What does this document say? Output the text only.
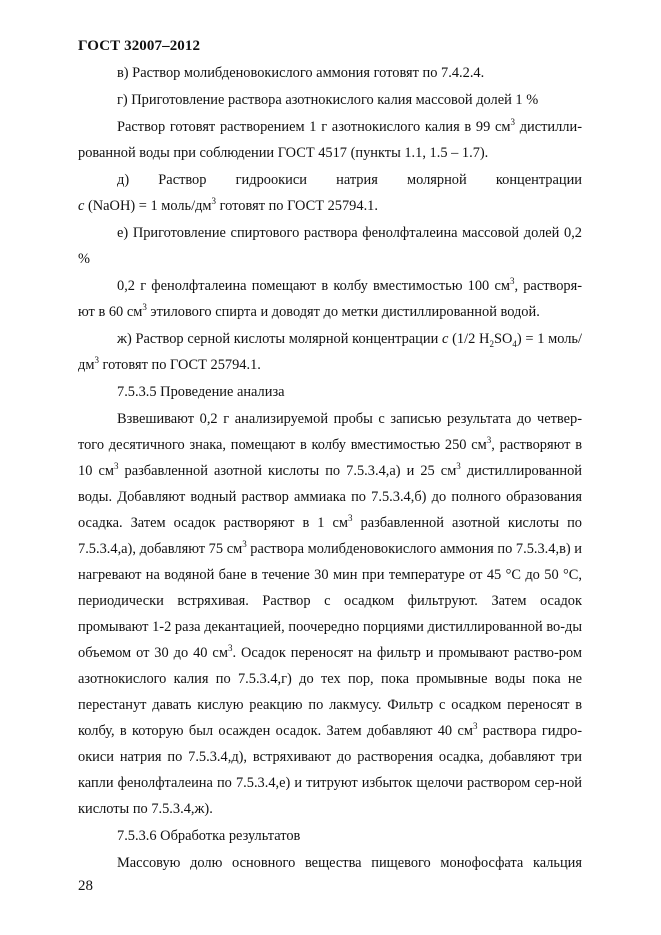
ГОСТ 32007–2012

в) Раствор молибденовокислого аммония готовят по 7.4.2.4.

г) Приготовление раствора азотнокислого калия массовой долей 1 %

Раствор готовят растворением 1 г азотнокислого калия в 99 $см^3$ дистилли-рованной воды при соблюдении ГОСТ 4517 (пункты 1.1, 1.5 – 1.7).

д) Раствор гидроокиси натрия молярной концентрации

c (NaOH) = 1 моль/$дм^3$ готовят по ГОСТ 25794.1.

е) Приготовление спиртового раствора фенолфталеина массовой долей 0,2 %

0,2 г фенолфталеина помещают в колбу вместимостью 100 $см^3$, растворя-ют в 60 $см^3$ этилового спирта и доводят до метки дистиллированной водой.

ж) Раствор серной кислоты молярной концентрации c (1/2 $H_2SO_4) = 1$ моль/$дм^3$ готовят по ГОСТ 25794.1.

7.5.3.5 Проведение анализа

Взвешивают 0,2 г анализируемой пробы с записью результата до четвер-того десятичного знака, помещают в колбу вместимостью 250 $см^3$, растворяют в 10 $см^3$ разбавленной азотной кислоты по 7.5.3.4,а) и 25 $см^3$ дистиллированной воды. Добавляют водный раствор аммиака по 7.5.3.4,б) до полного образования осадка. Затем осадок растворяют в 1 $см^3$ разбавленной азотной кислоты по 7.5.3.4,а), добавляют 75 $см^3$ раствора молибденовокислого аммония по 7.5.3.4,в) и нагревают на водяной бане в течение 30 мин при температуре от 45 °С до 50 °С, периодически встряхивая. Раствор с осадком фильтруют. Затем осадок промывают 1-2 раза декантацией, поочередно порциями дистиллированной во-ды объемом от 30 до 40 $см^3$. Осадок переносят на фильтр и промывают раство-ром азотнокислого калия по 7.5.3.4,г) до тех пор, пока промывные воды пока не перестанут давать кислую реакцию по лакмусу. Фильтр с осадком переносят в колбу, в которую был осажден осадок. Затем добавляют 40 $см^3$ раствора гидро-окиси натрия по 7.5.3.4,д), встряхивают до растворения осадка, добавляют три капли фенолфталеина по 7.5.3.4,е) и титруют избыток щелочи раствором сер-ной кислоты по 7.5.3.4,ж).

7.5.3.6 Обработка результатов

Массовую долю основного вещества пищевого монофосфата кальция

28
